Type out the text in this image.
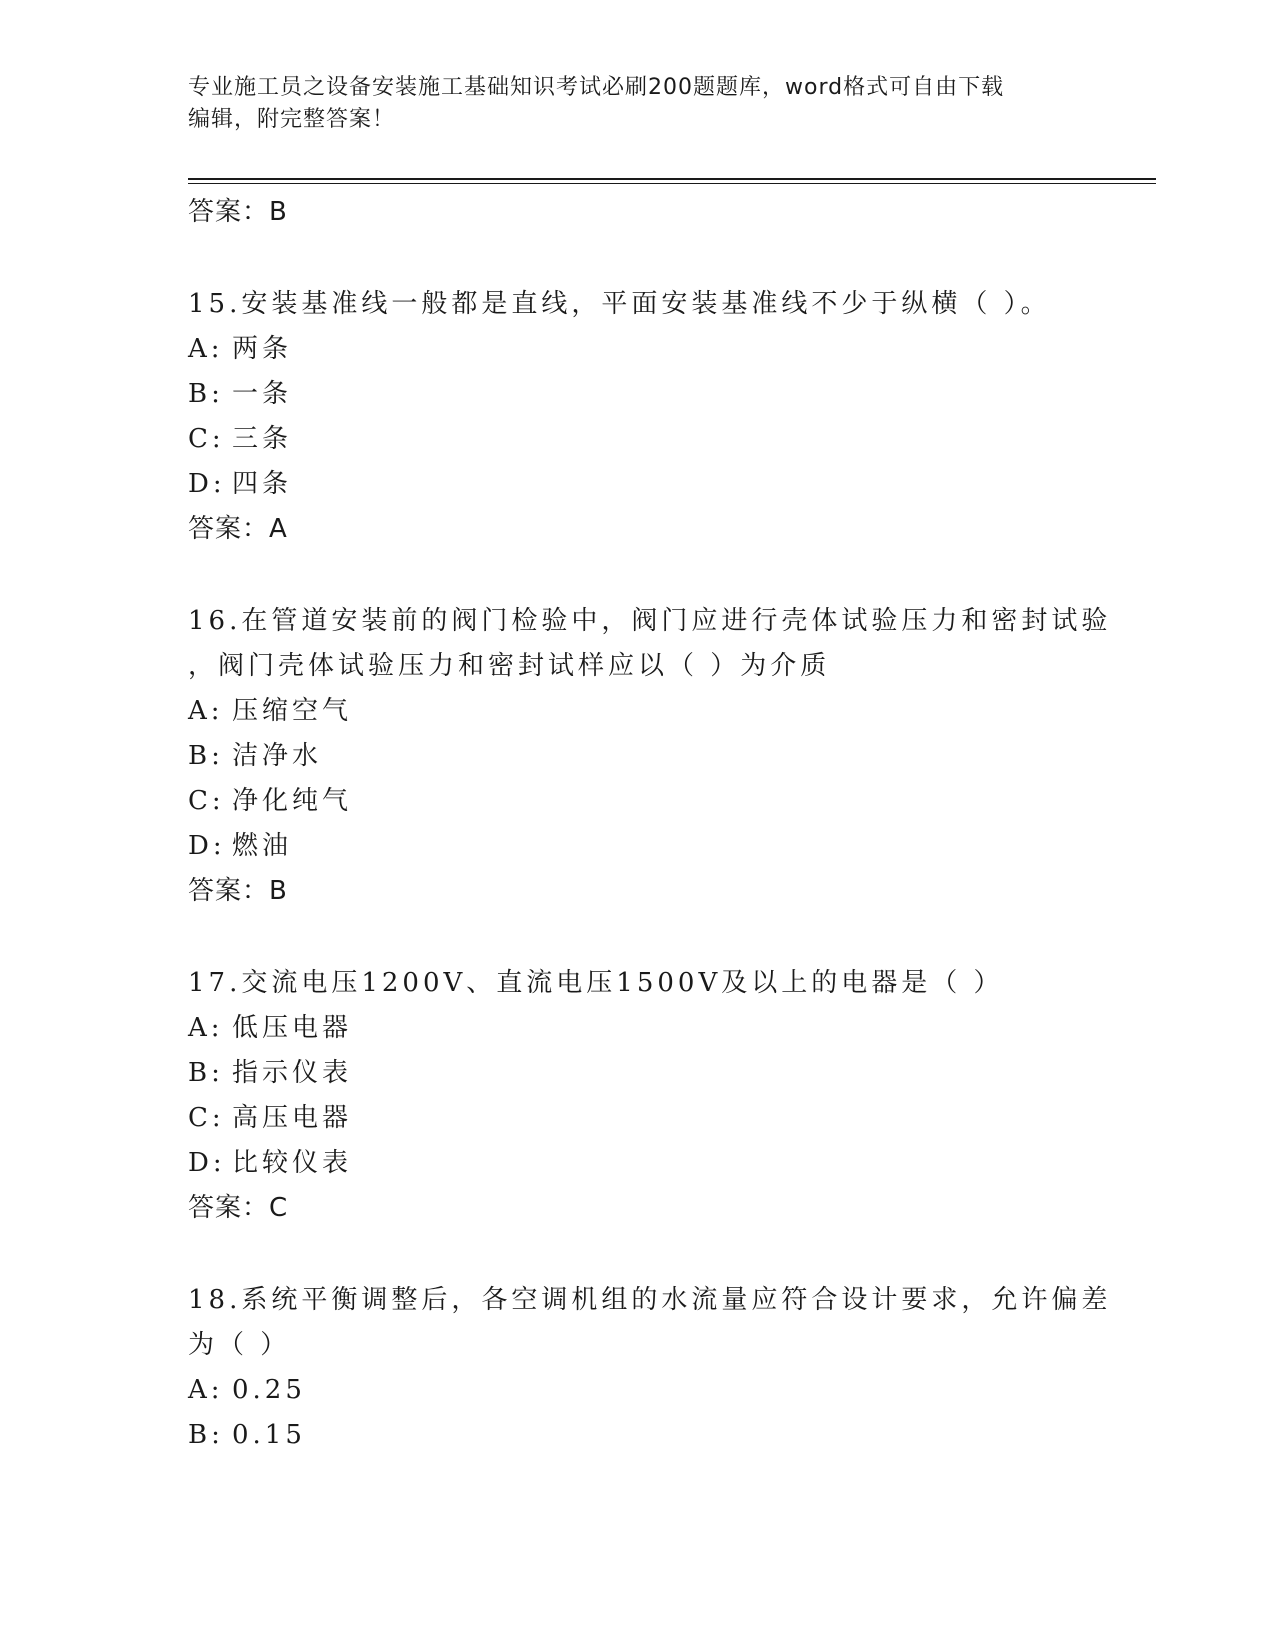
专业施工员之设备安装施工基础知识考试必刷200题题库，word格式可自由下载
编辑，附完整答案！
答案：B
15.安装基准线一般都是直线，平面安装基准线不少于纵横（ ）。
A: 两条
B: 一条
C: 三条
D: 四条
答案：A
16.在管道安装前的阀门检验中，阀门应进行壳体试验压力和密封试验
，阀门壳体试验压力和密封试样应以（ ）为介质
A: 压缩空气
B: 洁净水
C: 净化纯气
D: 燃油
答案：B
17.交流电压1200V、直流电压1500V及以上的电器是（ ）
A: 低压电器
B: 指示仪表
C: 高压电器
D: 比较仪表
答案：C
18.系统平衡调整后，各空调机组的水流量应符合设计要求，允许偏差
为（ ）
A: 0.25
B: 0.15
